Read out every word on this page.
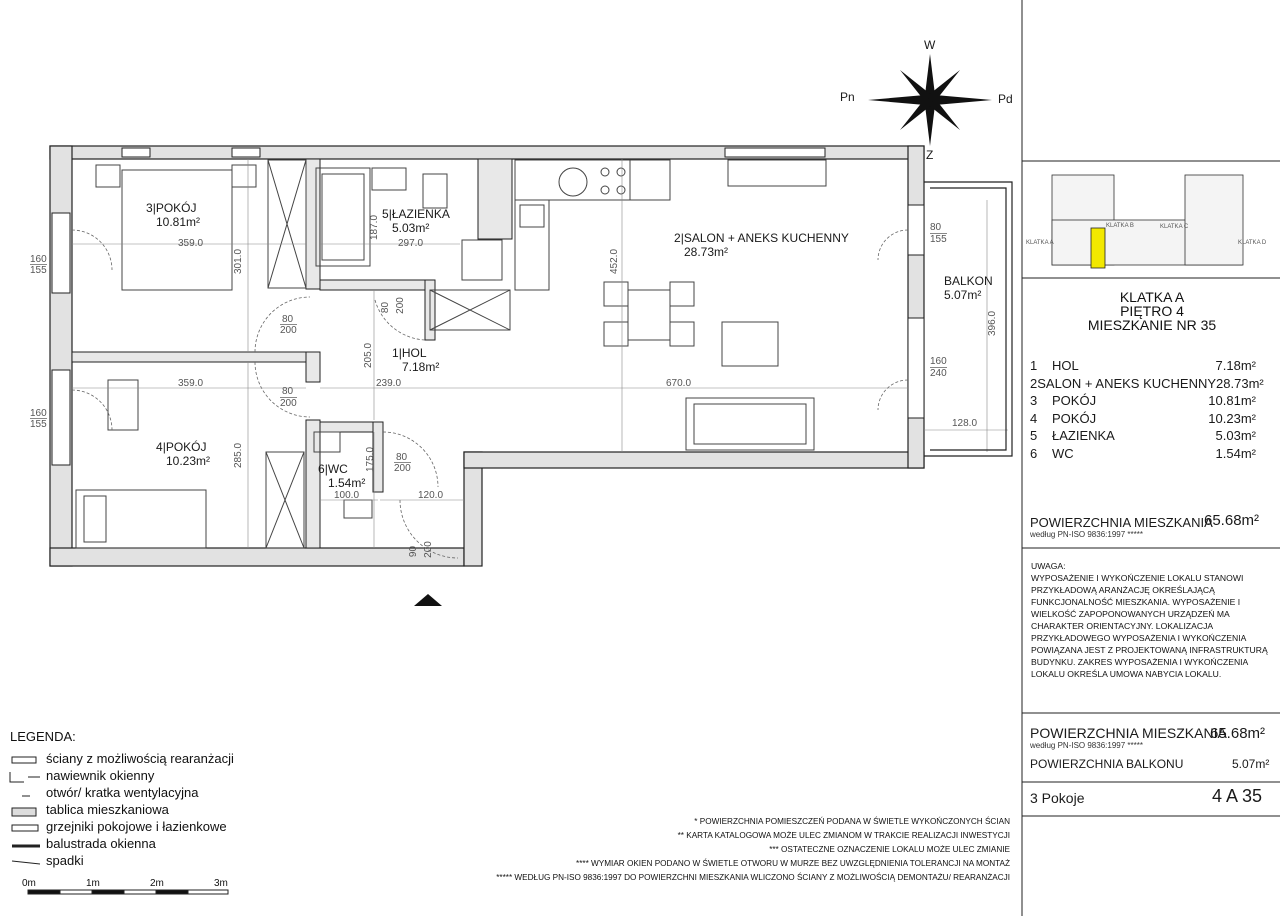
W
Pd
Pn
Z
3|POKÓJ
10.81m²
5|ŁAZIENKA
5.03m²
2|SALON + ANEKS KUCHENNY
28.73m²
1|HOL
7.18m²
4|POKÓJ
10.23m²
6|WC
1.54m²
BALKON
5.07m²
359.0	297.0
187.0
301.0	452.0
359.0	239.0	670.0
205.0
285.0	175.0
100.0	120.0
396.0
128.0
160
155
160
155
80
155
160
240
80
200
80
200
80
200
80 200
90 200
KLATKA A
KLATKA B	KLATKA C
KLATKA D
KLATKA A
PIĘTRO 4
MIESZKANIE NR 35
1	HOL	7.18m²
2 SALON + ANEKS KUCHENNY 28.73m²
3	POKÓJ	10.81m²
4	POKÓJ	10.23m²
5	ŁAZIENKA	5.03m²
6	WC	1.54m²
POWIERZCHNIA MIESZKANIA
według PN-ISO 9836:1997 *****
65.68m²
UWAGA:
WYPOSAŻENIE I WYKOŃCZENIE LOKALU STANOWI PRZYKŁADOWĄ ARANŻACJĘ OKREŚLAJĄCĄ FUNKCJONALNOŚĆ MIESZKANIA. WYPOSAŻENIE I WIELKOŚĆ ZAPOPONOWANYCH URZĄDZEŃ MA CHARAKTER ORIENTACYJNY. LOKALIZACJA PRZYKŁADOWEGO WYPOSAŻENIA I WYKOŃCZENIA POWIĄZANA JEST Z PROJEKTOWANĄ INFRASTRUKTURĄ BUDYNKU. ZAKRES WYPOSAŻENIA I WYKOŃCZENIA LOKALU OKREŚLA UMOWA NABYCIA LOKALU.
POWIERZCHNIA MIESZKANIA
według PN-ISO 9836:1997 *****
65.68m²
POWIERZCHNIA BALKONU	5.07m²
3 Pokoje	4 A 35
LEGENDA:
ściany z możliwością rearanżacji
nawiewnik okienny
otwór/ kratka wentylacyjna
tablica mieszkaniowa
grzejniki pokojowe i łazienkowe
balustrada okienna
spadki
0m	1m	2m	3m
* POWIERZCHNIA POMIESZCZEŃ PODANA W ŚWIETLE WYKOŃCZONYCH ŚCIAN
** KARTA KATALOGOWA MOŻE ULEC ZMIANOM W TRAKCIE REALIZACJI INWESTYCJI
*** OSTATECZNE OZNACZENIE LOKALU MOŻE ULEC ZMIANIE
**** WYMIAR OKIEN PODANO W ŚWIETLE OTWORU W MURZE BEZ UWZGLĘDNIENIA TOLERANCJI NA MONTAŻ
***** WEDŁUG PN-ISO 9836:1997 DO POWIERZCHNI MIESZKANIA WLICZONO ŚCIANY Z MOŻLIWOŚCIĄ DEMONTAŻU/ REARANŻACJI
